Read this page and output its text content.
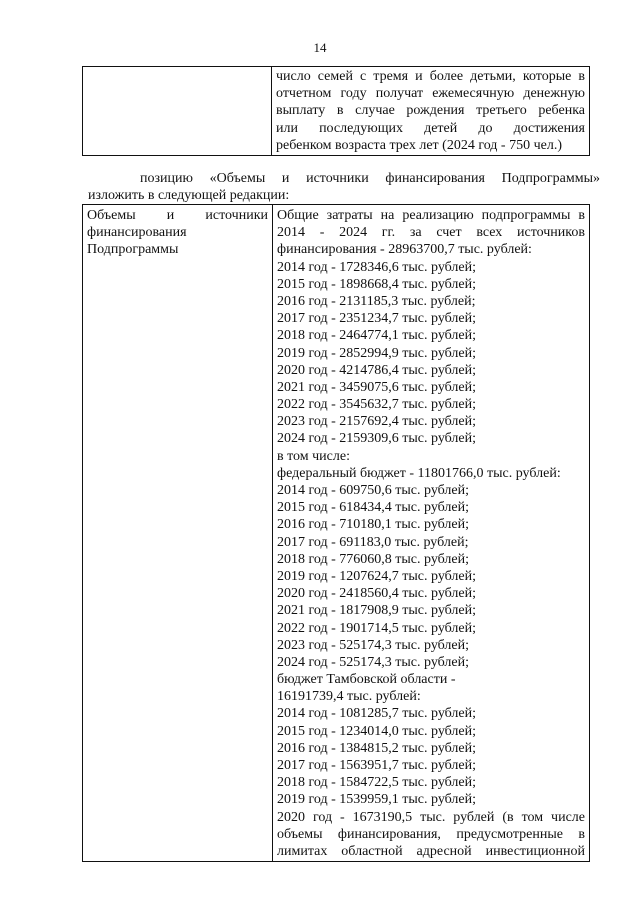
14

число семей с тремя и более детьми, которые в
отчетном году получат ежемесячную денежную
выплату в случае рождения третьего ребенка
или последующих детей до достижения
ребенком возраста трех лет (2024 год - 750 чел.)
позицию «Объемы и источники финансирования Подпрограммы»
изложить в следующей редакции:
Объемы и источники
финансирования
Подпрограммы

Общие затраты на реализацию подпрограммы в
2014 - 2024 гг. за счет всех источников
финансирования - 28963700,7 тыс. рублей:
2014 год - 1728346,6 тыс. рублей;
2015 год - 1898668,4 тыс. рублей;
2016 год - 2131185,3 тыс. рублей;
2017 год - 2351234,7 тыс. рублей;
2018 год - 2464774,1 тыс. рублей;
2019 год - 2852994,9 тыс. рублей;
2020 год - 4214786,4 тыс. рублей;
2021 год - 3459075,6 тыс. рублей;
2022 год - 3545632,7 тыс. рублей;
2023 год - 2157692,4 тыс. рублей;
2024 год - 2159309,6 тыс. рублей;
в том числе:
федеральный бюджет - 11801766,0 тыс. рублей:
2014 год - 609750,6 тыс. рублей;
2015 год - 618434,4 тыс. рублей;
2016 год - 710180,1 тыс. рублей;
2017 год - 691183,0 тыс. рублей;
2018 год - 776060,8 тыс. рублей;
2019 год - 1207624,7 тыс. рублей;
2020 год - 2418560,4 тыс. рублей;
2021 год - 1817908,9 тыс. рублей;
2022 год - 1901714,5 тыс. рублей;
2023 год - 525174,3 тыс. рублей;
2024 год - 525174,3 тыс. рублей;
бюджет Тамбовской области -
16191739,4 тыс. рублей:
2014 год - 1081285,7 тыс. рублей;
2015 год - 1234014,0 тыс. рублей;
2016 год - 1384815,2 тыс. рублей;
2017 год - 1563951,7 тыс. рублей;
2018 год - 1584722,5 тыс. рублей;
2019 год - 1539959,1 тыс. рублей;
2020 год - 1673190,5 тыс. рублей (в том числе
объемы финансирования, предусмотренные в
лимитах областной адресной инвестиционной
